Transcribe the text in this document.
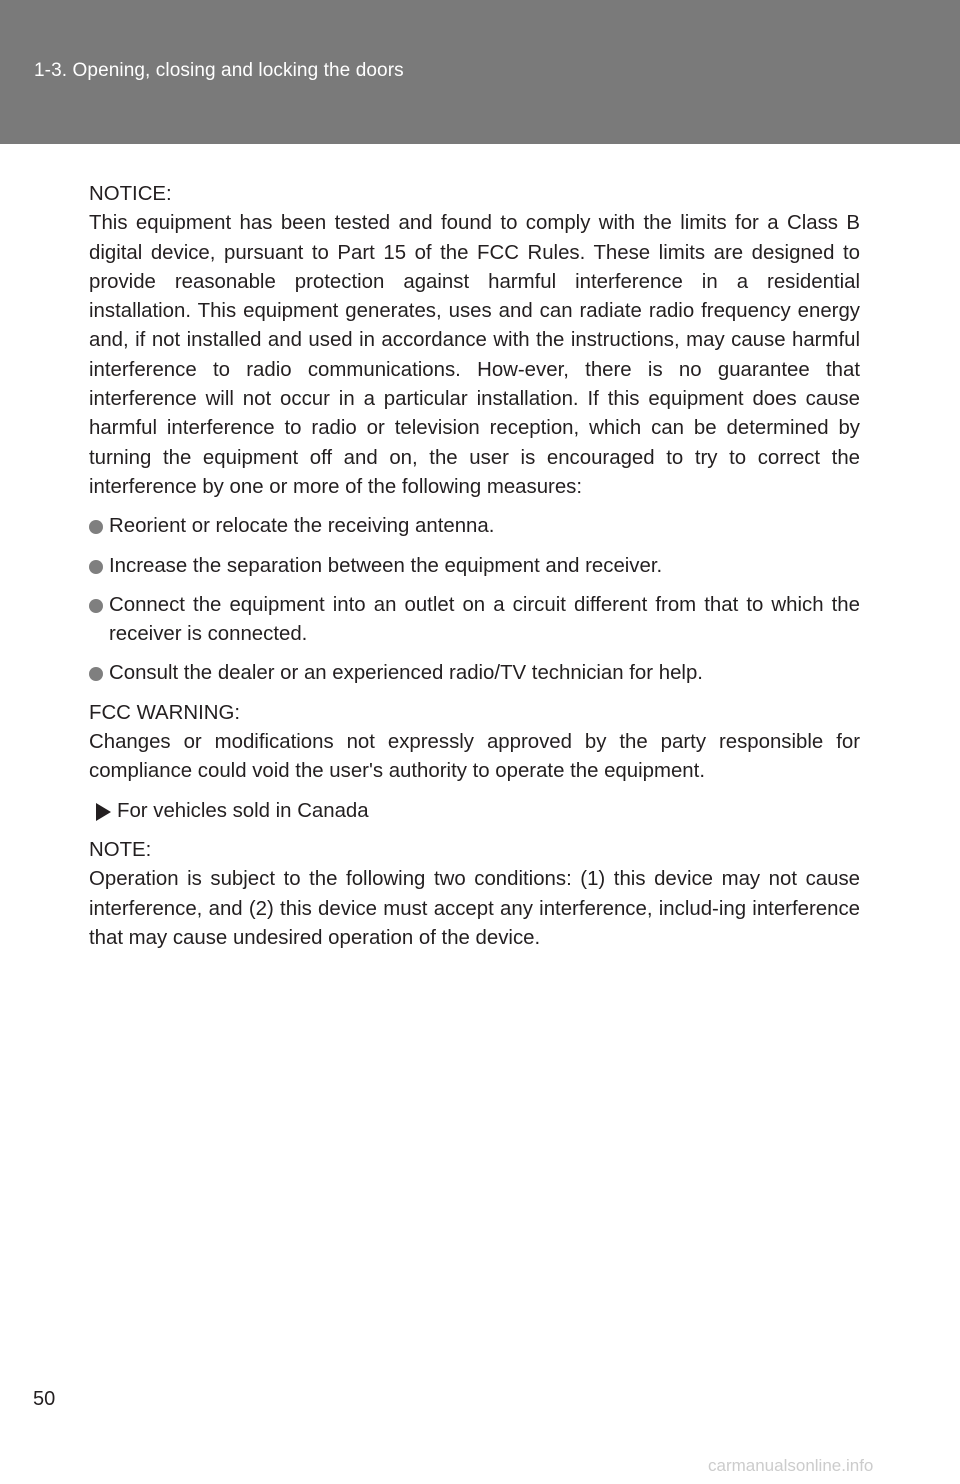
1-3. Opening, closing and locking the doors
NOTICE:
This equipment has been tested and found to comply with the limits for a Class B digital device, pursuant to Part 15 of the FCC Rules. These limits are designed to provide reasonable protection against harmful interference in a residential installation. This equipment generates, uses and can radiate radio frequency energy and, if not installed and used in accordance with the instructions, may cause harmful interference to radio communications. How-ever, there is no guarantee that interference will not occur in a particular installation. If this equipment does cause harmful interference to radio or television reception, which can be determined by turning the equipment off and on, the user is encouraged to try to correct the interference by one or more of the following measures:
Reorient or relocate the receiving antenna.
Increase the separation between the equipment and receiver.
Connect the equipment into an outlet on a circuit different from that to which the receiver is connected.
Consult the dealer or an experienced radio/TV technician for help.
FCC WARNING:
Changes or modifications not expressly approved by the party responsible for compliance could void the user's authority to operate the equipment.
For vehicles sold in Canada
NOTE:
Operation is subject to the following two conditions: (1) this device may not cause interference, and (2) this device must accept any interference, includ-ing interference that may cause undesired operation of the device.
50
carmanualsonline.info
